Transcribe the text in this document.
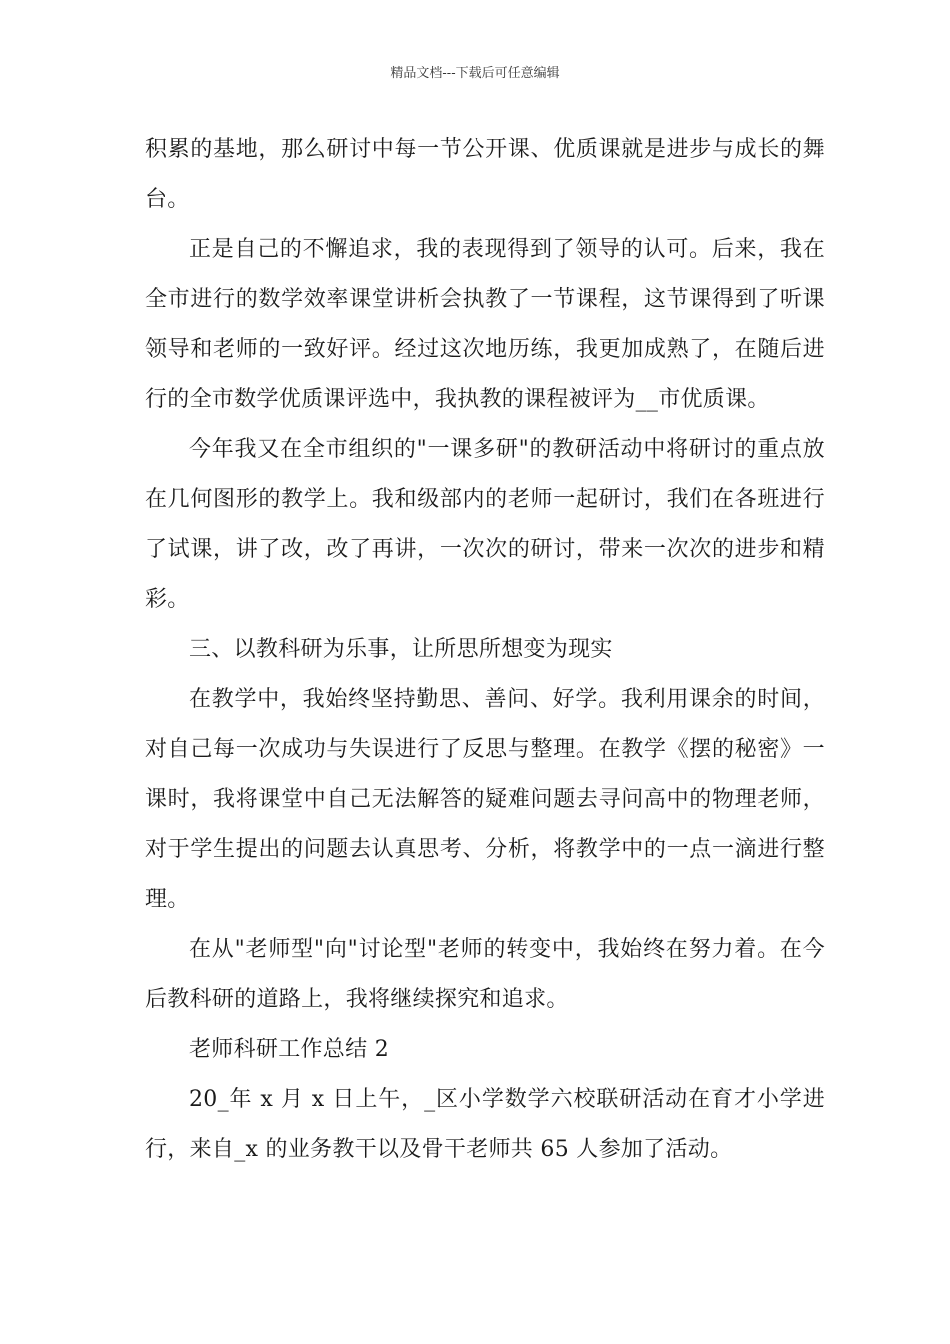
精品文档---下载后可任意编辑

积累的基地，那么研讨中每一节公开课、优质课就是进步与成长的舞台。

正是自己的不懈追求，我的表现得到了领导的认可。后来，我在全市进行的数学效率课堂讲析会执教了一节课程，这节课得到了听课领导和老师的一致好评。经过这次地历练，我更加成熟了，在随后进行的全市数学优质课评选中，我执教的课程被评为__市优质课。

今年我又在全市组织的"一课多研"的教研活动中将研讨的重点放在几何图形的教学上。我和级部内的老师一起研讨，我们在各班进行了试课，讲了改，改了再讲，一次次的研讨，带来一次次的进步和精彩。

三、以教科研为乐事，让所思所想变为现实

在教学中，我始终坚持勤思、善问、好学。我利用课余的时间，对自己每一次成功与失误进行了反思与整理。在教学《摆的秘密》一课时，我将课堂中自己无法解答的疑难问题去寻问高中的物理老师，对于学生提出的问题去认真思考、分析，将教学中的一点一滴进行整理。

在从"老师型"向"讨论型"老师的转变中，我始终在努力着。在今后教科研的道路上，我将继续探究和追求。

老师科研工作总结 2

20_年 x 月 x 日上午，_区小学数学六校联研活动在育才小学进行，来自_x 的业务教干以及骨干老师共 65 人参加了活动。
